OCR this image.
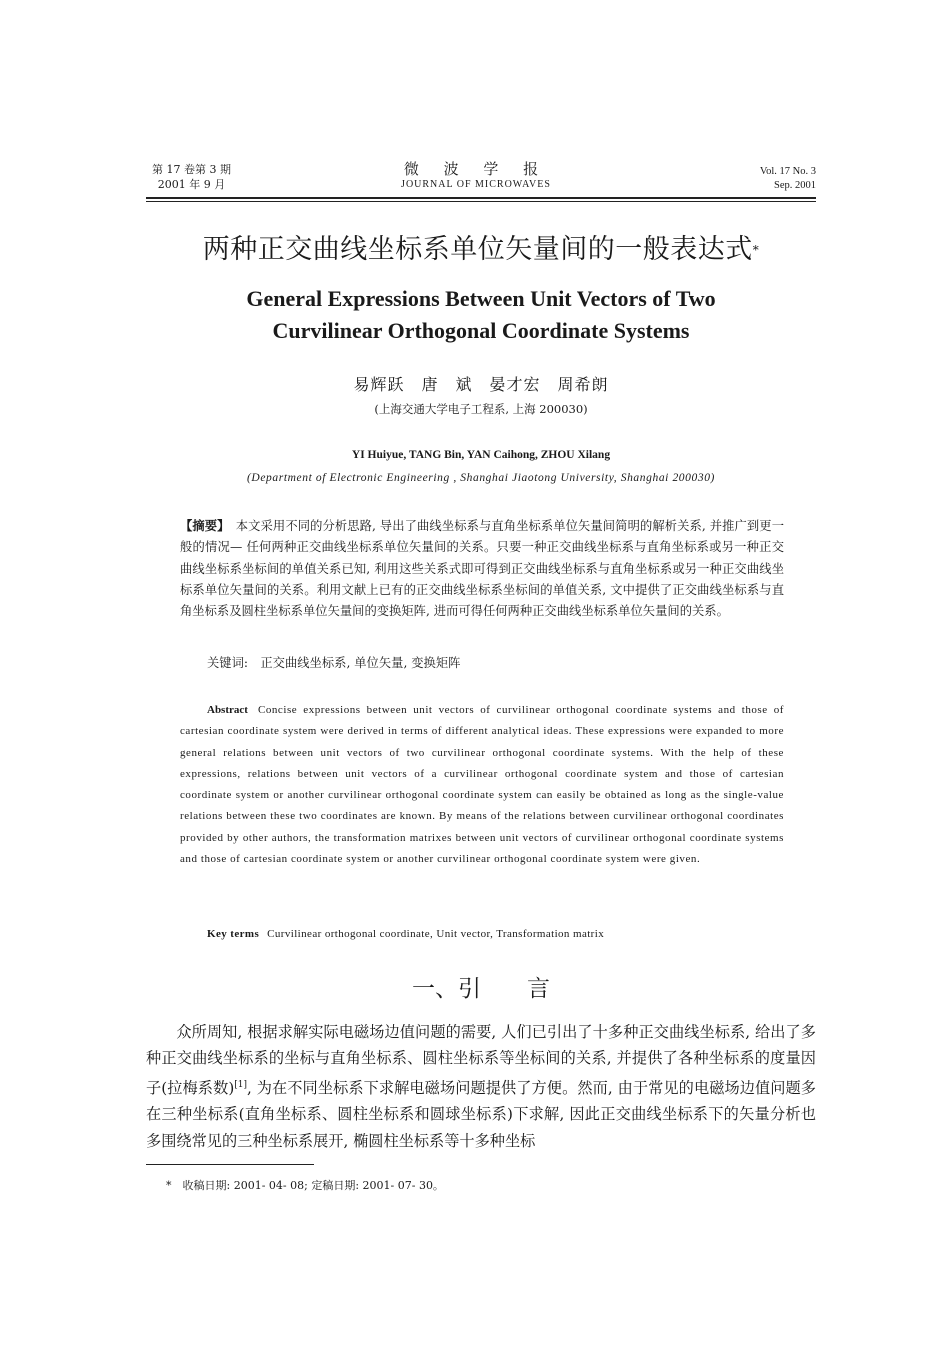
第 17 卷第 3 期
2001 年 9 月
微 波 学 报
JOURNAL OF MICROWAVES
Vol. 17 No. 3
Sep. 2001
两种正交曲线坐标系单位矢量间的一般表达式*
General Expressions Between Unit Vectors of Two
Curvilinear Orthogonal Coordinate Systems
易辉跃　唐　斌　晏才宏　周希朗
(上海交通大学电子工程系, 上海 200030)
YI Huiyue, TANG Bin, YAN Caihong, ZHOU Xilang
(Department of Electronic Engineering , Shanghai Jiaotong University, Shanghai 200030)
【摘要】　 本文采用不同的分析思路, 导出了曲线坐标系与直角坐标系单位矢量间简明的解析关系, 并推广到更一般的情况— 任何两种正交曲线坐标系单位矢量间的关系。只要一种正交曲线坐标系与直角坐标系或另一种正交曲线坐标系坐标间的单值关系已知, 利用这些关系式即可得到正交曲线坐标系与直角坐标系或另一种正交曲线坐标系单位矢量间的关系。利用文献上已有的正交曲线坐标系坐标间的单值关系, 文中提供了正交曲线坐标系与直角坐标系及圆柱坐标系单位矢量间的变换矩阵, 进而可得任何两种正交曲线坐标系单位矢量间的关系。
关键词:　 正交曲线坐标系, 单位矢量, 变换矩阵
Abstract Concise expressions between unit vectors of curvilinear orthogonal coordinate systems and those of cartesian coordinate system were derived in terms of different analytical ideas. These expressions were expanded to more general relations between unit vectors of two curvilinear orthogonal coordinate systems. With the help of these expressions, relations between unit vectors of a curvilinear orthogonal coordinate system and those of cartesian coordinate system or another curvilinear orthogonal coordinate system can easily be obtained as long as the single-value relations between these two coordinates are known. By means of the relations between curvilinear orthogonal coordinates provided by other authors, the transformation matrixes between unit vectors of curvilinear orthogonal coordinate systems and those of cartesian coordinate system or another curvilinear orthogonal coordinate system were given.
Key terms Curvilinear orthogonal coordinate, Unit vector, Transformation matrix
一、引 言
众所周知, 根据求解实际电磁场边值问题的需要, 人们已引出了十多种正交曲线坐标系, 给出了多种正交曲线坐标系的坐标与直角坐标系、圆柱坐标系等坐标间的关系, 并提供了各种坐标系的度量因子(拉梅系数)[1], 为在不同坐标系下求解电磁场问题提供了方便。然而, 由于常见的电磁场边值问题多在三种坐标系(直角坐标系、圆柱坐标系和圆球坐标系)下求解, 因此正交曲线坐标系下的矢量分析也多围绕常见的三种坐标系展开, 椭圆柱坐标系等十多种坐标
*　 收稿日期: 2001- 04- 08; 定稿日期: 2001- 07- 30。
